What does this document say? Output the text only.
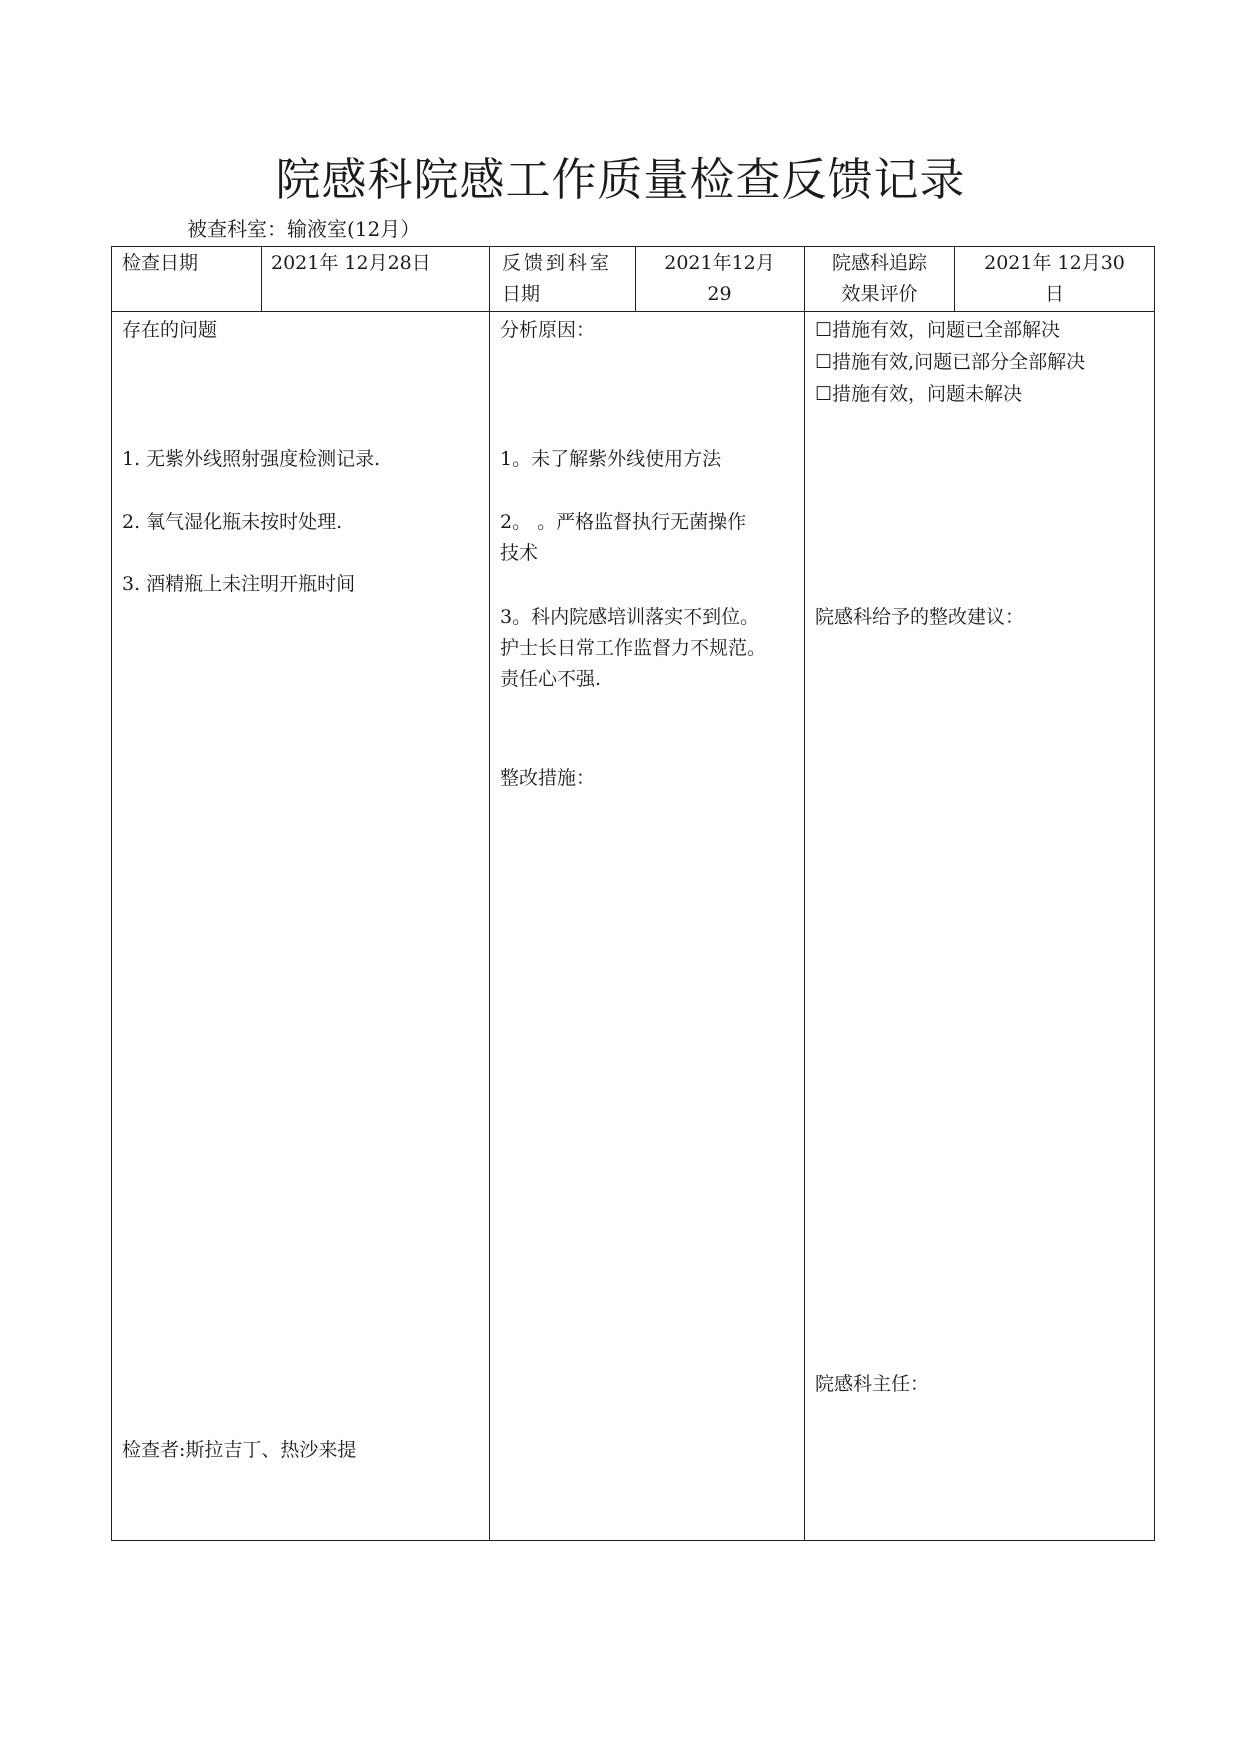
院感科院感工作质量检查反馈记录
被查科室：输液室(12月）
检查日期	2021年 12月28日	反馈到科室
日期
2021年12月
29
院感科追踪
效果评价
2021年 12月30
日
存在的问题
1. 无紫外线照射强度检测记录.
2. 氧气湿化瓶未按时处理.
3. 酒精瓶上未注明开瓶时间
检查者:斯拉吉丁、热沙来提
分析原因：
1。未了解紫外线使用方法
2。 。严格监督执行无菌操作
技术
3。科内院感培训落实不到位。
护士长日常工作监督力不规范。
责任心不强.
整改措施：
☐措施有效，问题已全部解决
☐措施有效,问题已部分全部解决
☐措施有效，问题未解决
院感科给予的整改建议：
院感科主任：
